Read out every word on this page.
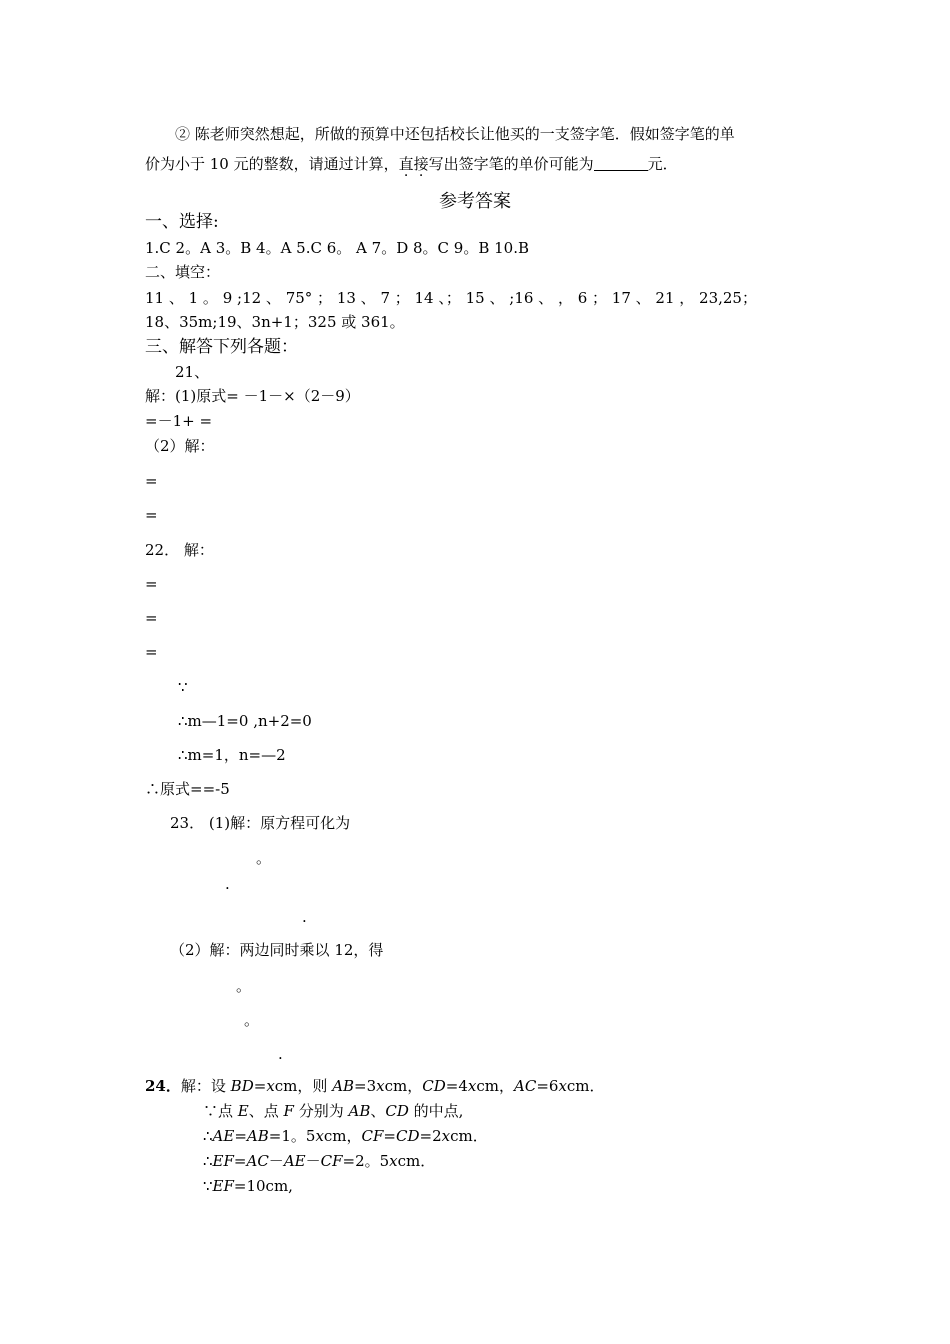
② 陈老师突然想起，所做的预算中还包括校长让他买的一支签字笔．假如签字笔的单
价为小于 10 元的整数，请通过计算，直接写出签字笔的单价可能为	元．
参考答案
一、选择:
1.C 2。A 3。B 4。A 5.C 6。 A 7。D 8。C 9。B 10.B
二、填空：
11 、 1 。 9 ;12 、 75° ； 13 、 7 ； 14 、； 15 、 ;16 、 ， 6 ； 17 、 21 ， 23,25；
18、35m;19、3n+1；325 或 361。
三、解答下列各题：
21、
解：(1)原式= －1－×（2－9）
=－1+ =
（2）解：
=
=
22． 解：
=
=
=
∵
∴m—1=0 ,n+2=0
∴m=1，n=—2
∴原式==-5
23． (1)解：原方程可化为
。
.
.
（2）解：两边同时乘以 12，得
。
。
.
24．解：设 BD=xcm，则 AB=3xcm，CD=4xcm，AC=6xcm．
∵点 E、点 F 分别为 AB、CD 的中点,
∴AE=AB=1。5xcm，CF=CD=2xcm．
∴EF=AC－AE－CF=2。5xcm．
∵EF=10cm,
